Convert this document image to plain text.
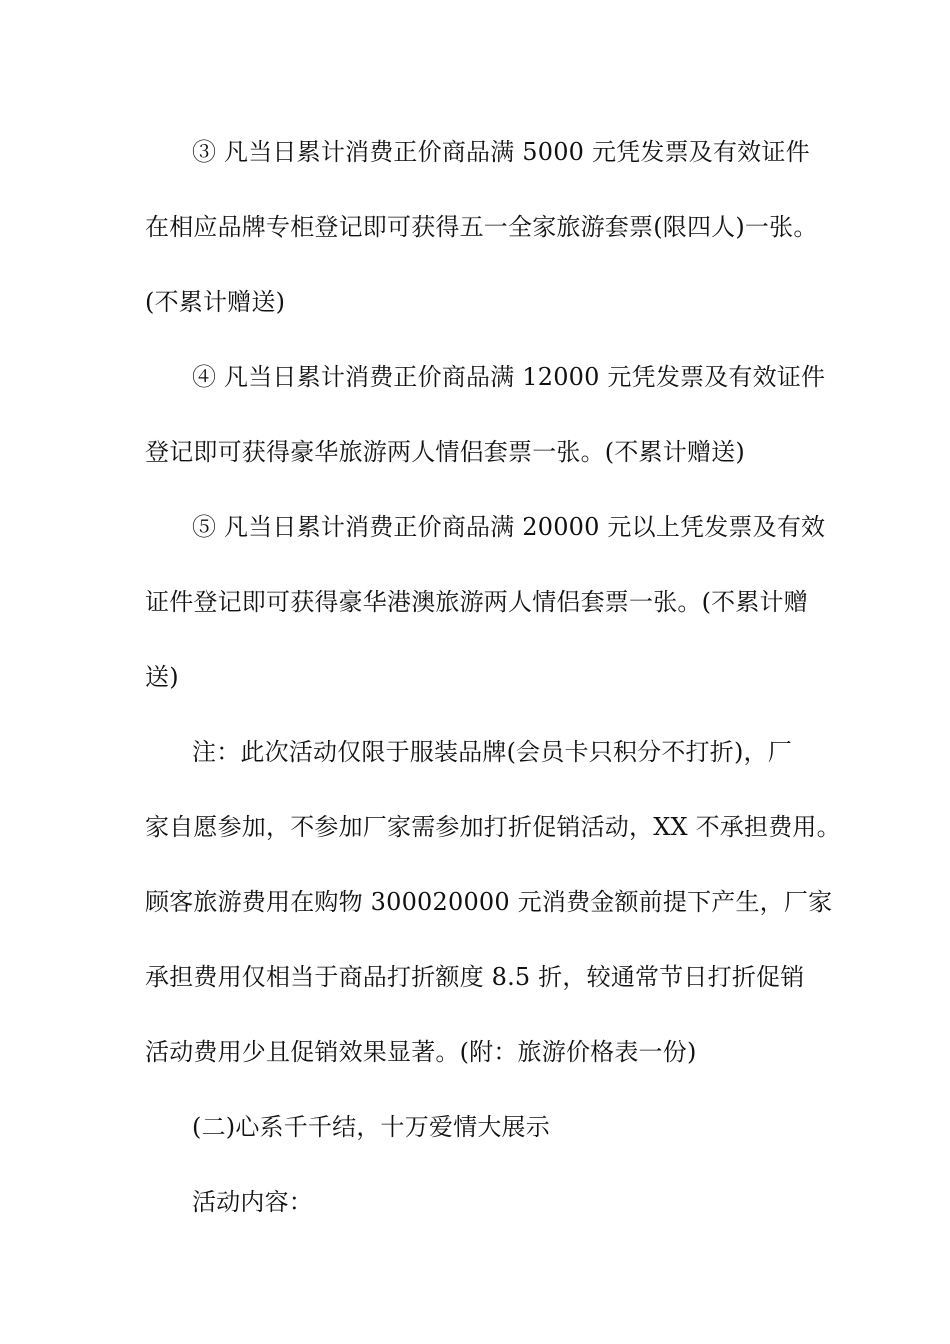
③ 凡当日累计消费正价商品满 5000 元凭发票及有效证件

在相应品牌专柜登记即可获得五一全家旅游套票(限四人)一张。

(不累计赠送)

④ 凡当日累计消费正价商品满 12000 元凭发票及有效证件

登记即可获得豪华旅游两人情侣套票一张。(不累计赠送)

⑤ 凡当日累计消费正价商品满 20000 元以上凭发票及有效

证件登记即可获得豪华港澳旅游两人情侣套票一张。(不累计赠

送)

注：此次活动仅限于服装品牌(会员卡只积分不打折)，厂

家自愿参加，不参加厂家需参加打折促销活动，XX 不承担费用。

顾客旅游费用在购物 300020000 元消费金额前提下产生，厂家

承担费用仅相当于商品打折额度 8.5 折，较通常节日打折促销

活动费用少且促销效果显著。(附：旅游价格表一份)

(二)心系千千结，十万爱情大展示

活动内容：
